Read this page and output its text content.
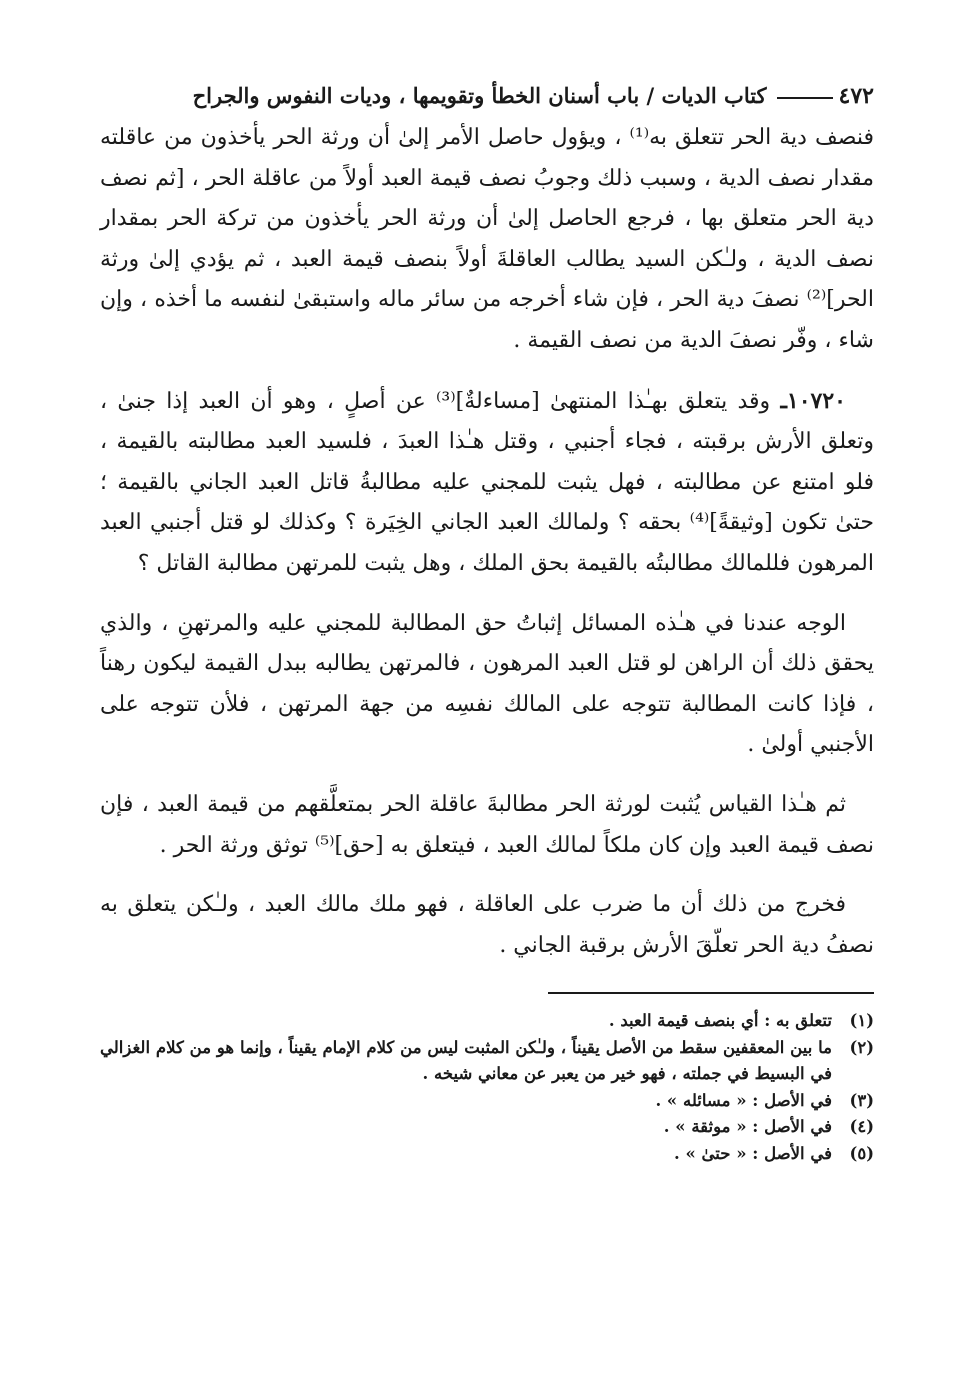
٤٧٢
كتاب الديات / باب أسنان الخطأ وتقويمها ، وديات النفوس والجراح

فنصف دية الحر تتعلق به⁽¹⁾ ، ويؤول حاصل الأمر إلىٰ أن ورثة الحر يأخذون من عاقلته مقدار نصف الدية ، وسبب ذلك وجوبُ نصف قيمة العبد أولاً من عاقلة الحر ، [ثم نصف دية الحر متعلق بها ، فرجع الحاصل إلىٰ أن ورثة الحر يأخذون من تركة الحر بمقدار نصف الدية ، ولـٰكن السيد يطالب العاقلةَ أولاً بنصف قيمة العبد ، ثم يؤدي إلىٰ ورثة الحر]⁽²⁾ نصفَ دية الحر ، فإن شاء أخرجه من سائر ماله واستبقىٰ لنفسه ما أخذه ، وإن شاء ، وفّر نصفَ الدية من نصف القيمة .

١٠٧٢٠ـ وقد يتعلق بهـٰذا المنتهىٰ [مساءلةٌ]⁽³⁾ عن أصلٍ ، وهو أن العبد إذا جنىٰ ، وتعلق الأرش برقبته ، فجاء أجنبي ، وقتل هـٰذا العبدَ ، فلسيد العبد مطالبته بالقيمة ، فلو امتنع عن مطالبته ، فهل يثبت للمجني عليه مطالبةُ قاتل العبد الجاني بالقيمة ؛ حتىٰ تكون [وثيقةً]⁽⁴⁾ بحقه ؟ ولمالك العبد الجاني الخِيَرة ؟ وكذلك لو قتل أجنبي العبد المرهون فللمالك مطالبتُه بالقيمة بحق الملك ، وهل يثبت للمرتهن مطالبة القاتل ؟

الوجه عندنا في هـٰذه المسائل إثباتُ حق المطالبة للمجني عليه والمرتهنِ ، والذي يحقق ذلك أن الراهن لو قتل العبد المرهون ، فالمرتهن يطالبه ببدل القيمة ليكون رهناً ، فإذا كانت المطالبة تتوجه على المالك نفسِه من جهة المرتهن ، فلأن تتوجه على الأجنبي أولىٰ .

ثم هـٰذا القياس يُثبت لورثة الحر مطالبةَ عاقلة الحر بمتعلَّقهم من قيمة العبد ، فإن نصف قيمة العبد وإن كان ملكاً لمالك العبد ، فيتعلق به [حق]⁽⁵⁾ توثق ورثة الحر .

فخرج من ذلك أن ما ضرب على العاقلة ، فهو ملك مالك العبد ، ولـٰكن يتعلق به نصفُ دية الحر تعلّقَ الأرش برقبة الجاني .

(١)
تتعلق به : أي بنصف قيمة العبد .
(٢)
ما بين المعقفين سقط من الأصل يقيناً ، ولـٰكن المثبت ليس من كلام الإمام يقيناً ، وإنما هو من كلام الغزالي في البسيط في جملته ، فهو خير من يعبر عن معاني شيخه .
(٣)
في الأصل : « مسائله » .
(٤)
في الأصل : « موثقة » .
(٥)
في الأصل : « حتىٰ » .
